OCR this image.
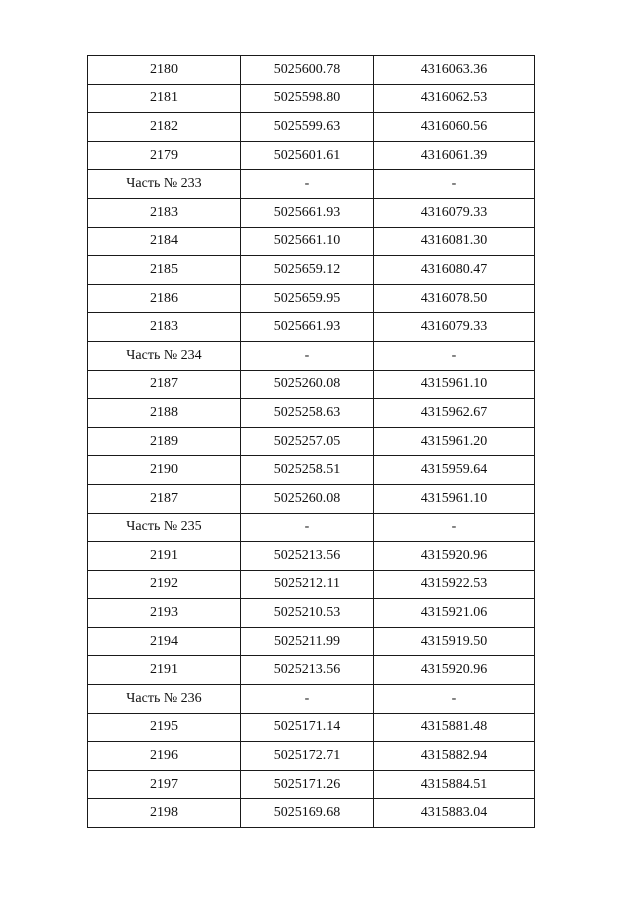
2180	5025600.78	4316063.36
2181	5025598.80	4316062.53
2182	5025599.63	4316060.56
2179	5025601.61	4316061.39
Часть № 233	-	-
2183	5025661.93	4316079.33
2184	5025661.10	4316081.30
2185	5025659.12	4316080.47
2186	5025659.95	4316078.50
2183	5025661.93	4316079.33
Часть № 234	-	-
2187	5025260.08	4315961.10
2188	5025258.63	4315962.67
2189	5025257.05	4315961.20
2190	5025258.51	4315959.64
2187	5025260.08	4315961.10
Часть № 235	-	-
2191	5025213.56	4315920.96
2192	5025212.11	4315922.53
2193	5025210.53	4315921.06
2194	5025211.99	4315919.50
2191	5025213.56	4315920.96
Часть № 236	-	-
2195	5025171.14	4315881.48
2196	5025172.71	4315882.94
2197	5025171.26	4315884.51
2198	5025169.68	4315883.04
